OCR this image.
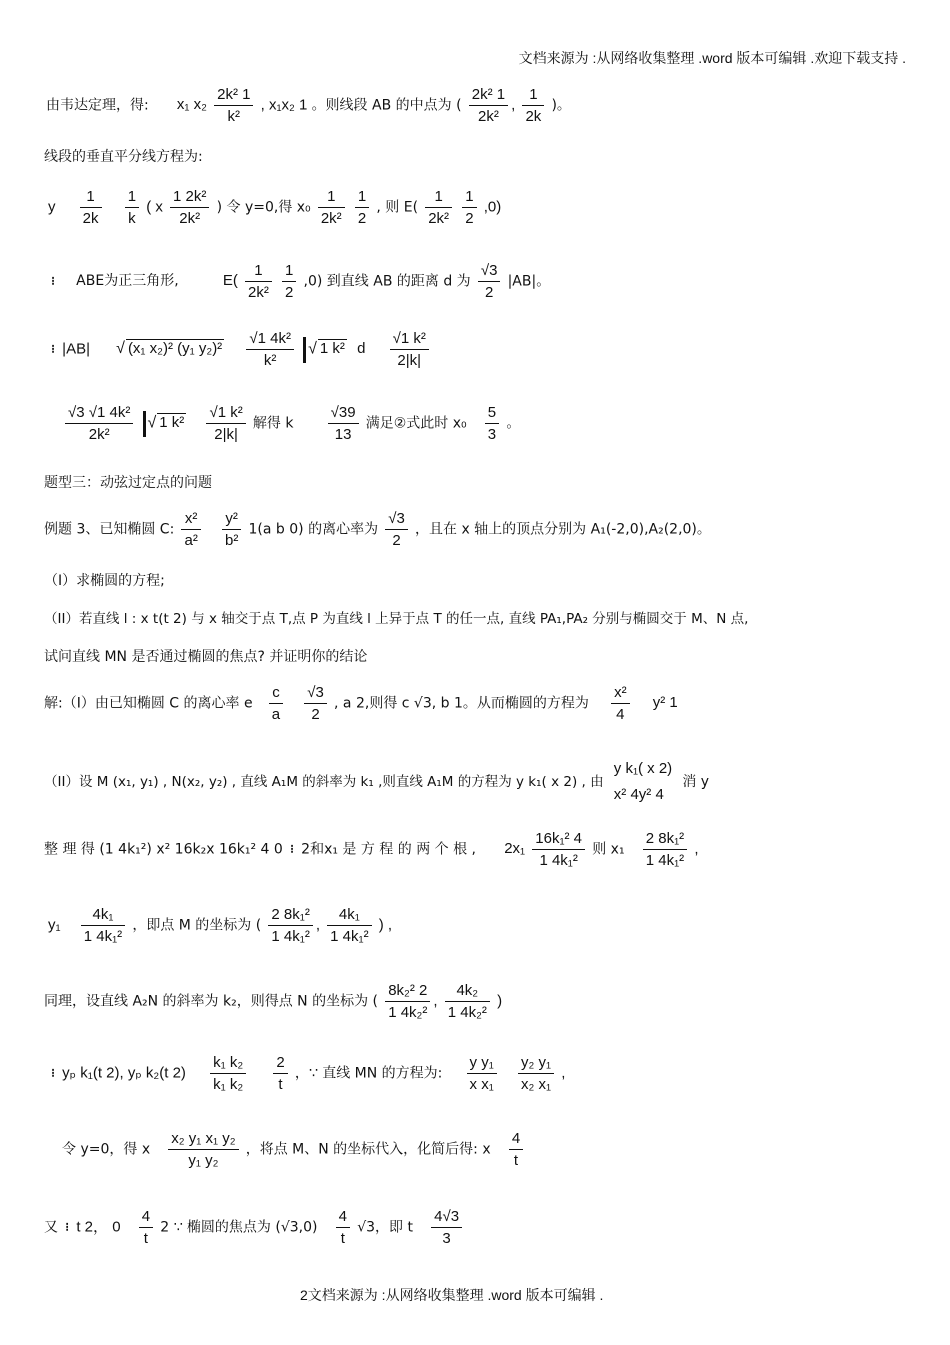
文档来源为 :从网络收集整理 .word 版本可编辑 .欢迎下载支持 .
由韦达定理，得: x₁ $x_2 \frac{\text{2k² 1}}{\text{k²}}$ , x₁x₂ 1 。则线段 AB 的中点为 ( $\frac{\text{2k² 1}}{\text{2k²}}$ , $\frac{1}{2k}$ )。
线段的垂直平分线方程为:
y $\frac{1}{2k}$
$\frac{1}{k}$ ( x $\frac{\text{1 2k²}}{\text{2k²}}$ ) 令 y=0,得 $x_0 \frac{1}{\text{2k²}}$
$\frac{1}{2}$ , 则 $E( \frac{1}{\text{2k²}}$
$\frac{1}{2} ,0$)
⁝ ABE为正三角形,	$E( \frac{1}{\text{2k²}}$
$\frac{1}{2} ,0$) 到直线 AB 的距离 d 为 $\frac{√3}{2} |AB|$。
⁝ |AB| √ (x₁ x₂)² (y₁ $y_2)^2 \frac{\text{√1 4k²}}{\text{k²}}$ √ 1 k² d $\frac{\text{√1 k²}}{2|k|}$
$\frac{\text{√3 √1 4k²}}{\text{2k²}}$ √ 1 $k^2 \frac{\text{√1 k²}}{2|k|}$ 解得 k $\frac{√39}{13}$ 满足②式此时 $x_0 \frac{5}{3}$ 。
题型三：动弦过定点的问题
例题 3、已知椭圆 C: $\frac{\text{x²}}{\text{a²}}$
$\frac{\text{y²}}{\text{b²}} 1(a$ b 0) 的离心率为 $\frac{√3}{2}$ ，且在 x 轴上的顶点分别为 A₁(-2,0),A₂(2,0)。
（I）求椭圆的方程;
（II）若直线 l : x t(t 2) 与 x 轴交于点 T,点 P 为直线 l 上异于点 T 的任一点, 直线 PA₁,PA₂ 分别与椭圆交于 M、N 点,
试问直线 MN 是否通过椭圆的焦点? 并证明你的结论
解:（I）由已知椭圆 C 的离心率 e $\frac{c}{a}$
$\frac{√3}{2}$ , a 2,则得 c √3, b 1。从而椭圆的方程为 $\frac{\text{x²}}{4} y^2$ 1
（II）设 M (x₁, y₁) , N(x₂, y₂) , 直线 A₁M 的斜率为 k₁ ,则直线 A₁M 的方程为 y k₁( x 2) , 由
y k₁( x 2)
x² 4y² 4
消 y
整 理 得 (1 4k₁²) x² 16k₂x 16k₁² 4 0 ⁝ 2和x₁ 是 方 程 的 两 个 根 , $2x_1 \frac{\text{16k₁² 4}}{\text{1 4k₁²}}$ 则 $x_1 \frac{\text{2 8k₁²}}{\text{1 4k₁²}}$ ,
$y_1 \frac{\text{4k₁}}{\text{1 4k₁²}}$ ，即点 M 的坐标为 ( $\frac{\text{2 8k₁²}}{\text{1 4k₁²}}$ , $\frac{\text{4k₁}}{\text{1 4k₁²}}$ ) ,
同理，设直线 A₂N 的斜率为 k₂，则得点 N 的坐标为 ( $\frac{\text{8k₂² 2}}{\text{1 4k₂²}}$ , $\frac{\text{4k₂}}{\text{1 4k₂²}}$ )
⁝ yₚ k₁(t 2), yₚ k₂(t $2) \frac{\text{k₁ k₂}}{\text{k₁ k₂}}$
$\frac{2}{t}$ ，∵ 直线 MN 的方程为: $\frac{\text{y y₁}}{\text{x x₁}}$
$\frac{\text{y₂ y₁}}{\text{x₂ x₁}}$ ,
令 y=0，得 x $\frac{\text{x₂ y₁ x₁ y₂}}{\text{y₁ y₂}}$ ，将点 M、N 的坐标代入，化简后得: x $\frac{4}{t}$
又 ⁝ t 2， $0 \frac{4}{t} 2$ ∵ 椭圆的焦点为 $(√3,0) \frac{4}{t} √3$，即 t $\frac{4√3}{3}$
2文档来源为 :从网络收集整理 .word 版本可编辑 .
